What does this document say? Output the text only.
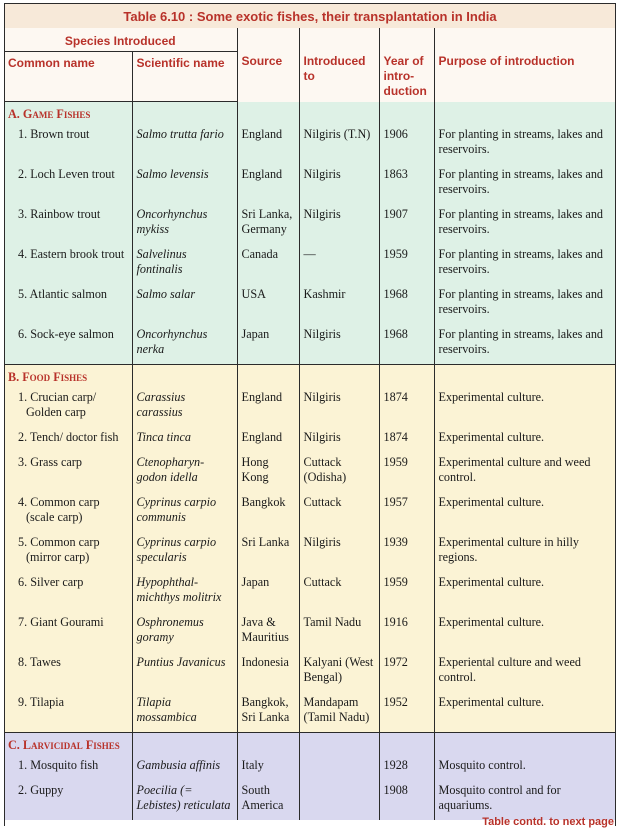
Table 6.10 : Some exotic fishes, their transplantation in India
Species Introduced		Source	Introduced to	Year of intro-duction	Purpose of introduction
Common name	Scientific name				
A. Game Fishes					
1. Brown trout	Salmo trutta fario	England	Nilgiris (T.N)	1906	For planting in streams, lakes and reservoirs.
2. Loch Leven trout	Salmo levensis	England	Nilgiris	1863	For planting in streams, lakes and reservoirs.
3. Rainbow trout	Oncorhynchus mykiss	Sri Lanka, Germany	Nilgiris	1907	For planting in streams, lakes and reservoirs.
4. Eastern brook trout	Salvelinus fontinalis	Canada	—	1959	For planting in streams, lakes and reservoirs.
5. Atlantic salmon	Salmo salar	USA	Kashmir	1968	For planting in streams, lakes and reservoirs.
6. Sock-eye salmon	Oncorhynchus nerka	Japan	Nilgiris	1968	For planting in streams, lakes and reservoirs.
B. Food Fishes					
1. Crucian carp/ Golden carp	Carassius carassius	England	Nilgiris	1874	Experimental culture.
2. Tench/ doctor fish	Tinca tinca	England	Nilgiris	1874	Experimental culture.
3. Grass carp	Ctenopharyn-godon idella	Hong Kong	Cuttack (Odisha)	1959	Experimental culture and weed control.
4. Common carp (scale carp)	Cyprinus carpio communis	Bangkok	Cuttack	1957	Experimental culture.
5. Common carp (mirror carp)	Cyprinus carpio specularis	Sri Lanka	Nilgiris	1939	Experimental culture in hilly regions.
6. Silver carp	Hypophthal-michthys molitrix	Japan	Cuttack	1959	Experimental culture.
7. Giant Gourami	Osphronemus goramy	Java & Mauritius	Tamil Nadu	1916	Experimental culture.
8. Tawes	Puntius Javanicus	Indonesia	Kalyani (West Bengal)	1972	Experiental culture and weed control.
9. Tilapia	Tilapia mossambica	Bangkok, Sri Lanka	Mandapam (Tamil Nadu)	1952	Experimental culture.
C. Larvicidal Fishes					
1. Mosquito fish	Gambusia affinis	Italy		1928	Mosquito control.
2. Guppy	Poecilia (= Lebistes) reticulata	South America		1908	Mosquito control and for aquariums.
Table contd. to next page
